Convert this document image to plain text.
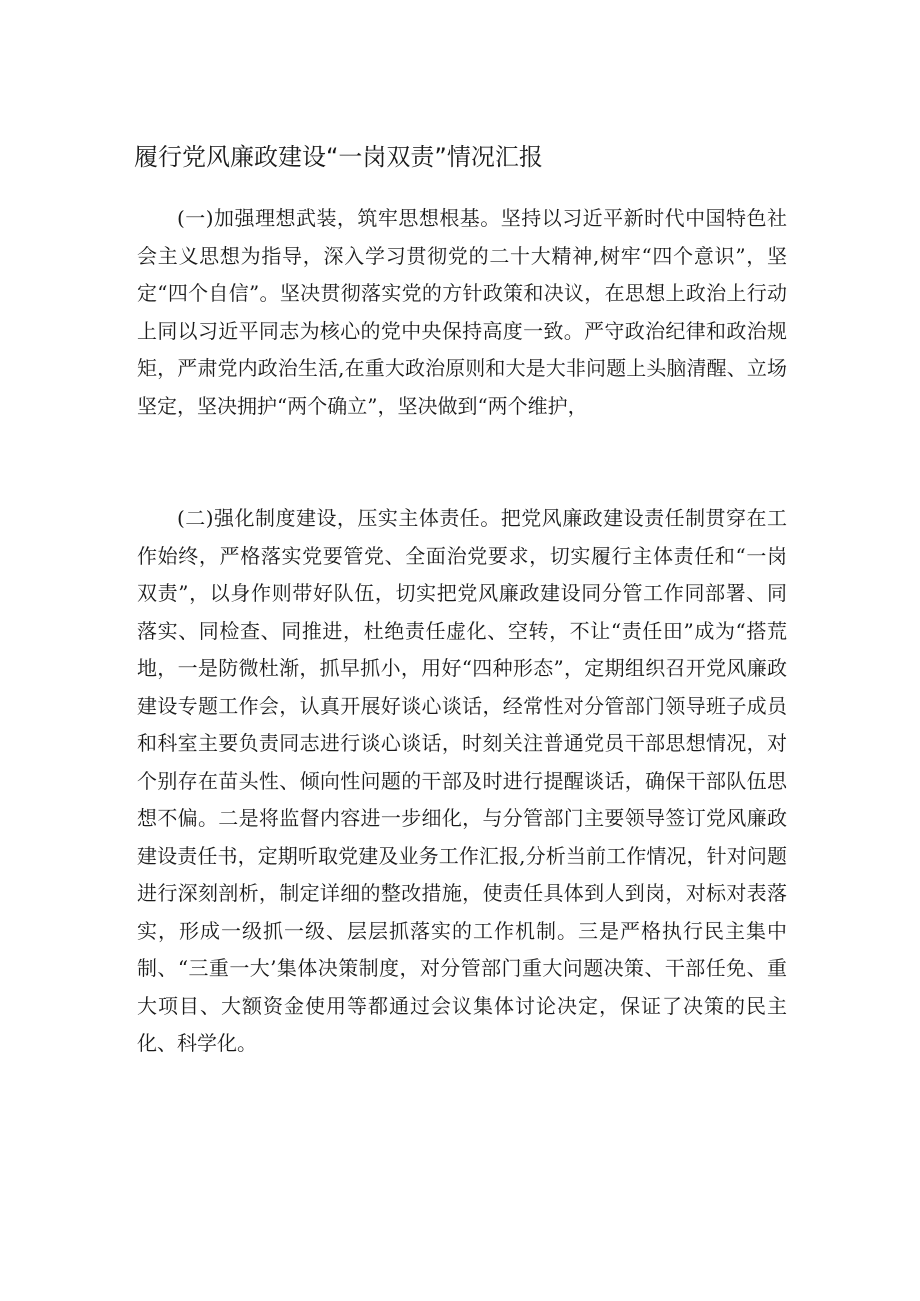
履行党风廉政建设“一岗双责”情况汇报

(一)加强理想武装，筑牢思想根基。坚持以习近平新时代中国特色社会主义思想为指导，深入学习贯彻党的二十大精神,树牢“四个意识”，坚定“四个自信”。坚决贯彻落实党的方针政策和决议，在思想上政治上行动上同以习近平同志为核心的党中央保持高度一致。严守政治纪律和政治规矩，严肃党内政治生活,在重大政治原则和大是大非问题上头脑清醒、立场坚定，坚决拥护“两个确立”，坚决做到“两个维护，

(二)强化制度建设，压实主体责任。把党风廉政建设责任制贯穿在工作始终，严格落实党要管党、全面治党要求，切实履行主体责任和“一岗双责”，以身作则带好队伍，切实把党风廉政建设同分管工作同部署、同落实、同检查、同推进，杜绝责任虚化、空转，不让“责任田”成为“搭荒地，一是防微杜渐，抓早抓小，用好“四种形态”，定期组织召开党风廉政建设专题工作会，认真开展好谈心谈话，经常性对分管部门领导班子成员和科室主要负责同志进行谈心谈话，时刻关注普通党员干部思想情况，对个别存在苗头性、倾向性问题的干部及时进行提醒谈话，确保干部队伍思想不偏。二是将监督内容进一步细化，与分管部门主要领导签订党风廉政建设责任书，定期听取党建及业务工作汇报,分析当前工作情况，针对问题进行深刻剖析，制定详细的整改措施，使责任具体到人到岗，对标对表落实，形成一级抓一级、层层抓落实的工作机制。三是严格执行民主集中制、“三重一大’集体决策制度，对分管部门重大问题决策、干部任免、重大项目、大额资金使用等都通过会议集体讨论决定，保证了决策的民主化、科学化。
